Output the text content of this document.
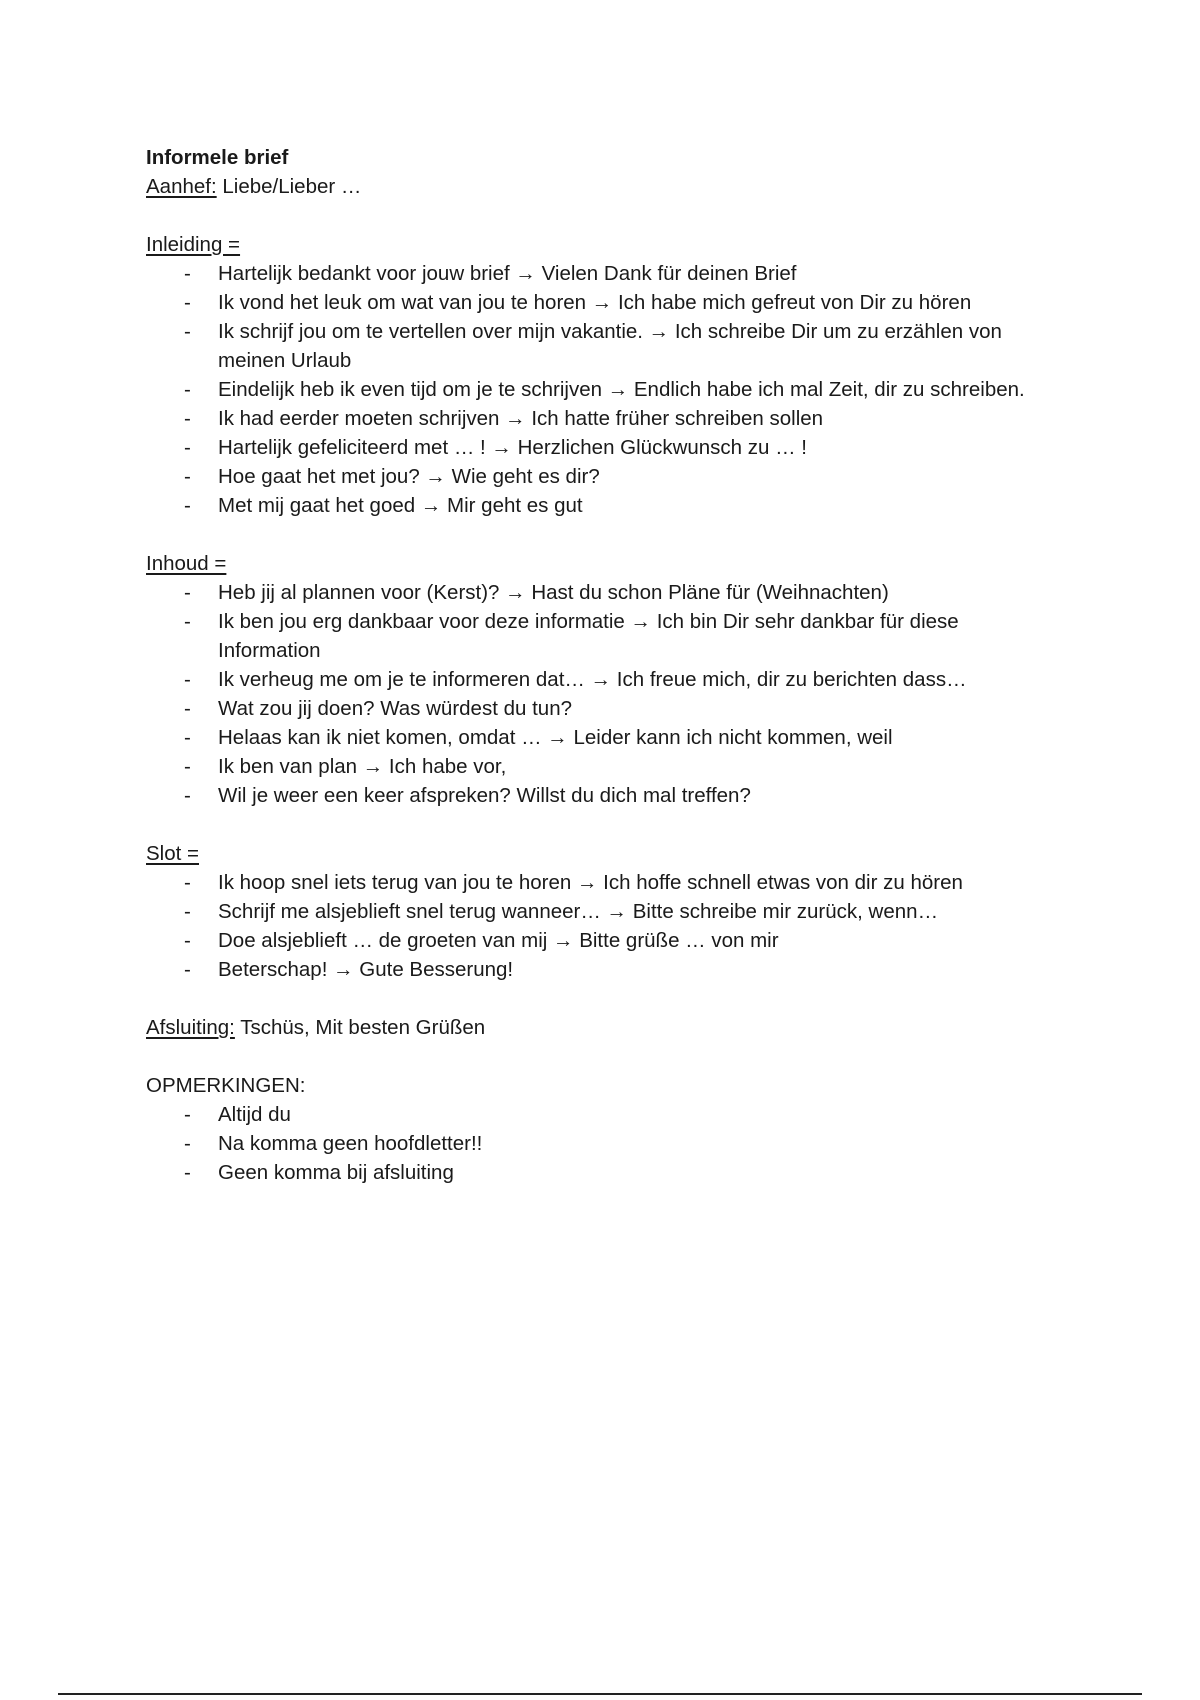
Informele brief

Aanhef: Liebe/Lieber …

Inleiding =

- Hartelijk bedankt voor jouw brief → Vielen Dank für deinen Brief
- Ik vond het leuk om wat van jou te horen → Ich habe mich gefreut von Dir zu hören
- Ik schrijf jou om te vertellen over mijn vakantie. → Ich schreibe Dir um zu erzählen von meinen Urlaub
- Eindelijk heb ik even tijd om je te schrijven → Endlich habe ich mal Zeit, dir zu schreiben.
- Ik had eerder moeten schrijven → Ich hatte früher schreiben sollen
- Hartelijk gefeliciteerd met … ! → Herzlichen Glückwunsch zu … !
- Hoe gaat het met jou? → Wie geht es dir?
- Met mij gaat het goed → Mir geht es gut

Inhoud =

- Heb jij al plannen voor (Kerst)? → Hast du schon Pläne für (Weihnachten)
- Ik ben jou erg dankbaar voor deze informatie → Ich bin Dir sehr dankbar für diese Information
- Ik verheug me om je te informeren dat… → Ich freue mich, dir zu berichten dass…
- Wat zou jij doen? Was würdest du tun?
- Helaas kan ik niet komen, omdat … → Leider kann ich nicht kommen, weil
- Ik ben van plan → Ich habe vor,
- Wil je weer een keer afspreken? Willst du dich mal treffen?

Slot =

- Ik hoop snel iets terug van jou te horen → Ich hoffe schnell etwas von dir zu hören
- Schrijf me alsjeblieft snel terug wanneer… → Bitte schreibe mir zurück, wenn…
- Doe alsjeblieft … de groeten van mij → Bitte grüße … von mir
- Beterschap! → Gute Besserung!

Afsluiting: Tschüs, Mit besten Grüßen

OPMERKINGEN:

- Altijd du
- Na komma geen hoofdletter!!
- Geen komma bij afsluiting
